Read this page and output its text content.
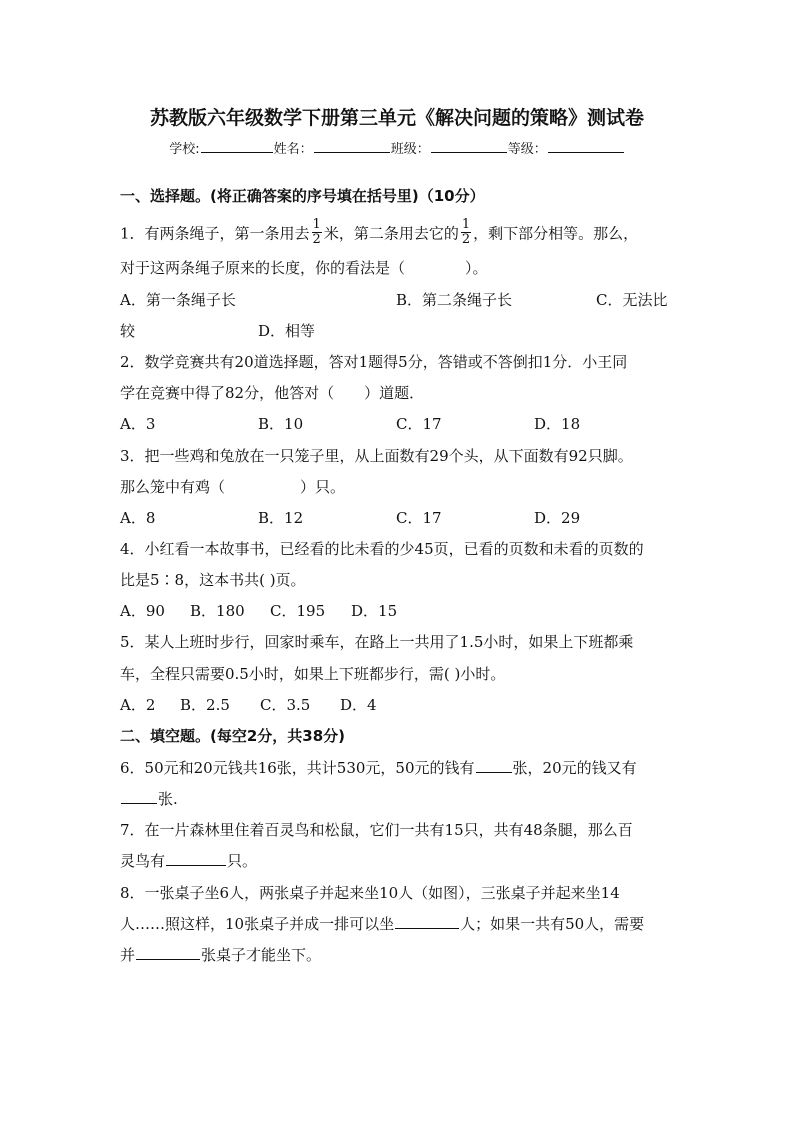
苏教版六年级数学下册第三单元《解决问题的策略》测试卷
学校:	姓名：	班级：	等级：
一、选择题。(将正确答案的序号填在括号里)（10分）
1．有两条绳子，第一条用去 $\frac{1}{2}$ 米，第二条用去它的 $\frac{1}{2}$ ，剩下部分相等。那么，
对于这两条绳子原来的长度，你的看法是（　　　　）。
A．第一条绳子长	B．第二条绳子长	C．无法比
较	D．相等
2．数学竞赛共有20道选择题，答对1题得5分，答错或不答倒扣1分．小王同
学在竞赛中得了82分，他答对（　　）道题．
A．3	B．10	C．17	D．18
3．把一些鸡和兔放在一只笼子里，从上面数有29个头，从下面数有92只脚。
那么笼中有鸡（　　　　　）只。
A．8	B．12	C．17	D．29
4．小红看一本故事书，已经看的比未看的少45页，已看的页数和未看的页数的
比是5∶8，这本书共( )页。
A．90 B．180 C．195 D．15
5．某人上班时步行，回家时乘车，在路上一共用了1.5小时，如果上下班都乘
车，全程只需要0.5小时，如果上下班都步行，需( )小时。
A．2 B．2.5 C．3.5 D．4
二、填空题。(每空2分，共38分)
6．50元和20元钱共16张，共计530元，50元的钱有	张，20元的钱又有
张.
7．在一片森林里住着百灵鸟和松鼠，它们一共有15只，共有48条腿，那么百
灵鸟有	只。
8．一张桌子坐6人，两张桌子并起来坐10人（如图），三张桌子并起来坐14
人……照这样，10张桌子并成一排可以坐	人；如果一共有50人，需要
并	张桌子才能坐下。
